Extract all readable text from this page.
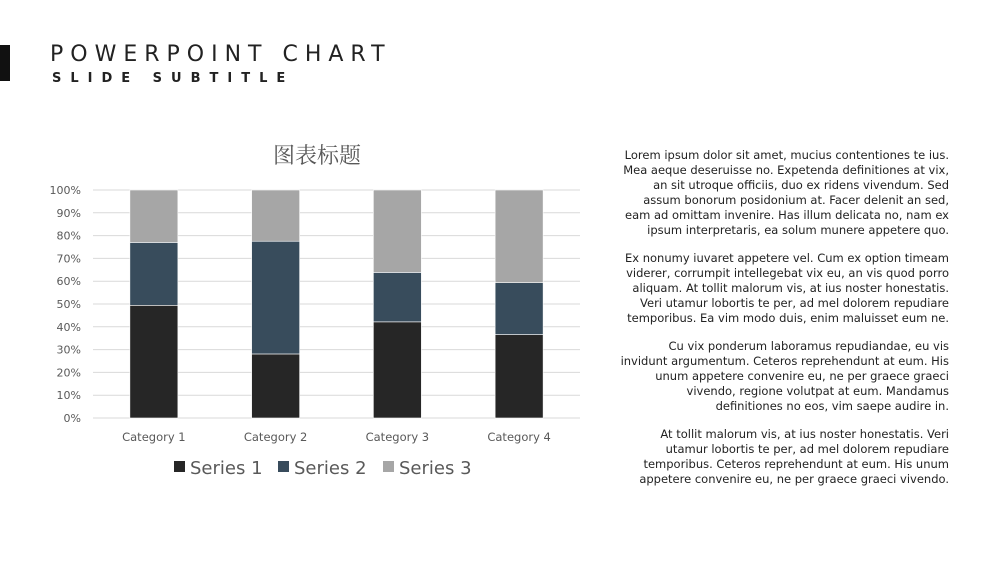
POWERPOINT CHART
SLIDE SUBTITLE
图表标题
0%
10%
20%
30%
40%
50%
60%
70%
80%
90%
100%
Category 1	Category 2	Category 3	Category 4
Series 1 Series 2 Series 3

Lorem ipsum dolor sit amet, mucius contentiones te ius. Mea aeque deseruisse no. Expetenda definitiones at vix, an sit utroque officiis, duo ex ridens vivendum. Sed assum bonorum posidonium at. Facer delenit an sed, eam ad omittam invenire. Has illum delicata no, nam ex ipsum interpretaris, ea solum munere appetere quo.

Ex nonumy iuvaret appetere vel. Cum ex option timeam viderer, corrumpit intellegebat vix eu, an vis quod porro aliquam. At tollit malorum vis, at ius noster honestatis. Veri utamur lobortis te per, ad mel dolorem repudiare temporibus. Ea vim modo duis, enim maluisset eum ne.

Cu vix ponderum laboramus repudiandae, eu vis invidunt argumentum. Ceteros reprehendunt at eum. His unum appetere convenire eu, ne per graece graeci vivendo, regione volutpat at eum. Mandamus definitiones no eos, vim saepe audire in.

At tollit malorum vis, at ius noster honestatis. Veri utamur lobortis te per, ad mel dolorem repudiare temporibus. Ceteros reprehendunt at eum. His unum appetere convenire eu, ne per graece graeci vivendo.
